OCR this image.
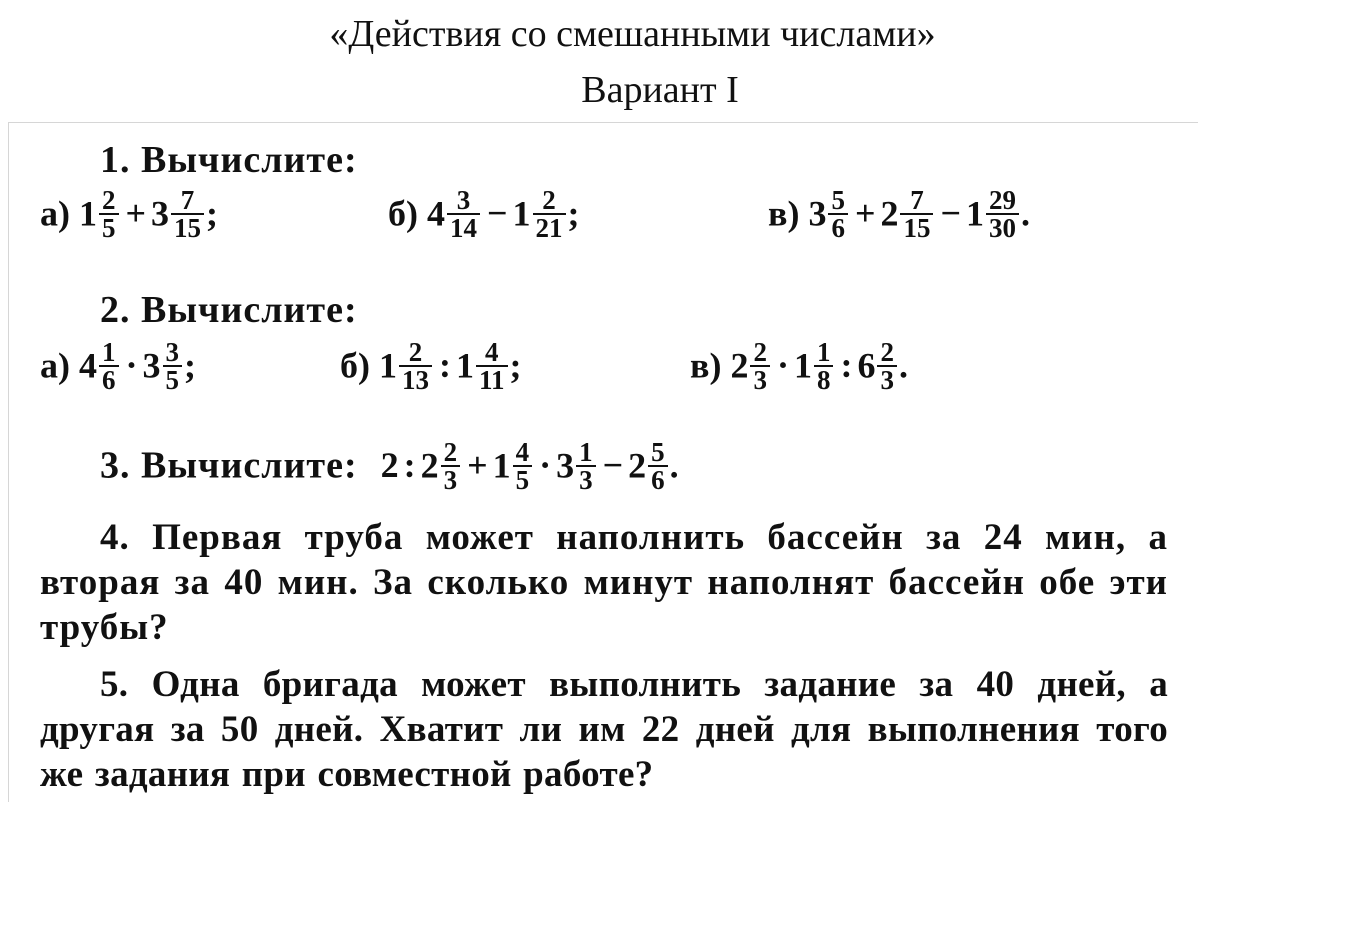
«Действия со смешанными числами»
Вариант I
1. Вычислите:
а) $1 \frac{2}{5} + 3 \frac{7}{15}$ ;	б) $4 \frac{3}{14} - 1 \frac{2}{21}$ ;	в) $3 \frac{5}{6} + 2 \frac{7}{15} - 1 \frac{29}{30}$ .
2. Вычислите:
а) $4 \frac{1}{6} \cdot 3 \frac{3}{5}$ ;	б) $1 \frac{2}{13}$ : $1 \frac{4}{11}$ ;	в) $2 \frac{2}{3} \cdot 1 \frac{1}{8}$ : $6 \frac{2}{3}$ .
3. Вычислите: 2 : $2 \frac{2}{3} + 1 \frac{4}{5} \cdot 3 \frac{1}{3} - 2 \frac{5}{6}$ .

4. Первая труба может наполнить бассейн за 24 мин, а вторая за 40 мин. За сколько минут наполнят бассейн обе эти трубы?

5. Одна бригада может выполнить задание за 40 дней, а другая за 50 дней. Хватит ли им 22 дней для выполнения того же задания при совместной работе?
